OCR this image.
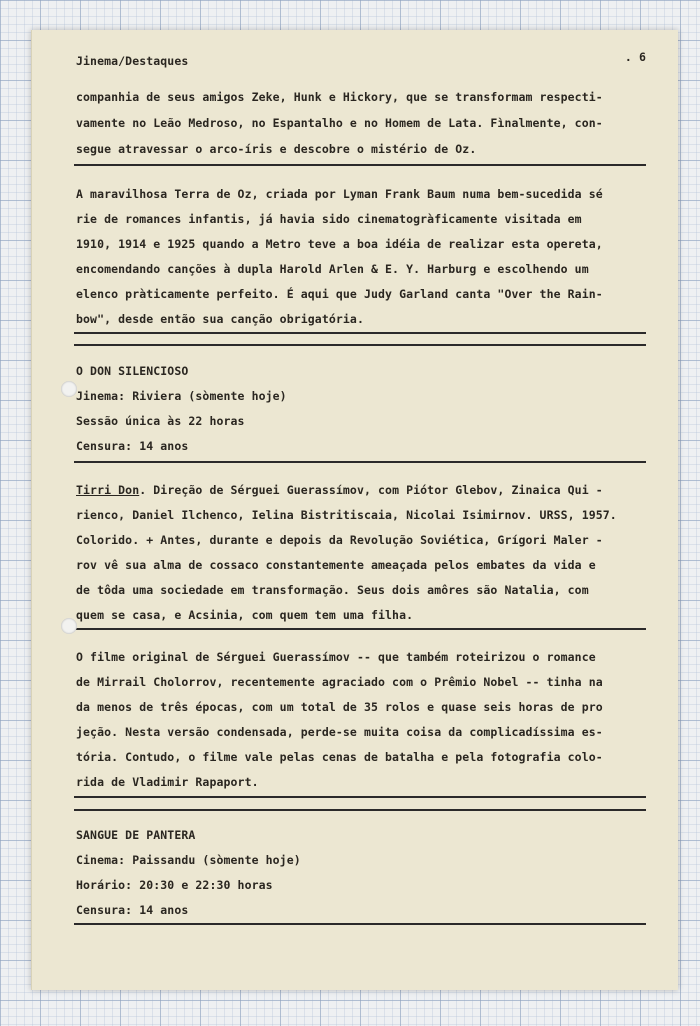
Jinema/Destaques	. 6
companhia de seus amigos Zeke, Hunk e Hickory, que se transformam respecti-
vamente no Leão Medroso, no Espantalho e no Homem de Lata. Fìnalmente, con-
segue atravessar o arco-íris e descobre o mistério de Oz.
A maravilhosa Terra de Oz, criada por Lyman Frank Baum numa bem-sucedida sé
rie de romances infantis, já havia sido cinematogràficamente visitada em
1910, 1914 e 1925 quando a Metro teve a boa idéia de realizar esta opereta,
encomendando canções à dupla Harold Arlen & E. Y. Harburg e escolhendo um
elenco pràticamente perfeito. É aqui que Judy Garland canta "Over the Rain-
bow", desde então sua canção obrigatória.
O DON SILENCIOSO
Jinema: Riviera (sòmente hoje)
Sessão única às 22 horas
Censura: 14 anos
Tirri Don. Direção de Sérguei Guerassímov, com Piótor Glebov, Zinaica Qui -
rienco, Daniel Ilchenco, Ielina Bistritiscaia, Nicolai Isimirnov. URSS, 1957.
Colorido. + Antes, durante e depois da Revolução Soviética, Grígori Maler -
rov vê sua alma de cossaco constantemente ameaçada pelos embates da vida e
de tôda uma sociedade em transformação. Seus dois amôres são Natalia, com
quem se casa, e Acsinia, com quem tem uma filha.
O filme original de Sérguei Guerassímov -- que também roteirizou o romance
de Mirrail Cholorrov, recentemente agraciado com o Prêmio Nobel -- tinha na
da menos de três épocas, com um total de 35 rolos e quase seis horas de pro
jeção. Nesta versão condensada, perde-se muita coisa da complicadíssima es-
tória. Contudo, o filme vale pelas cenas de batalha e pela fotografia colo-
rida de Vladimir Rapaport.
SANGUE DE PANTERA
Cinema: Paissandu (sòmente hoje)
Horário: 20:30 e 22:30 horas
Censura: 14 anos
